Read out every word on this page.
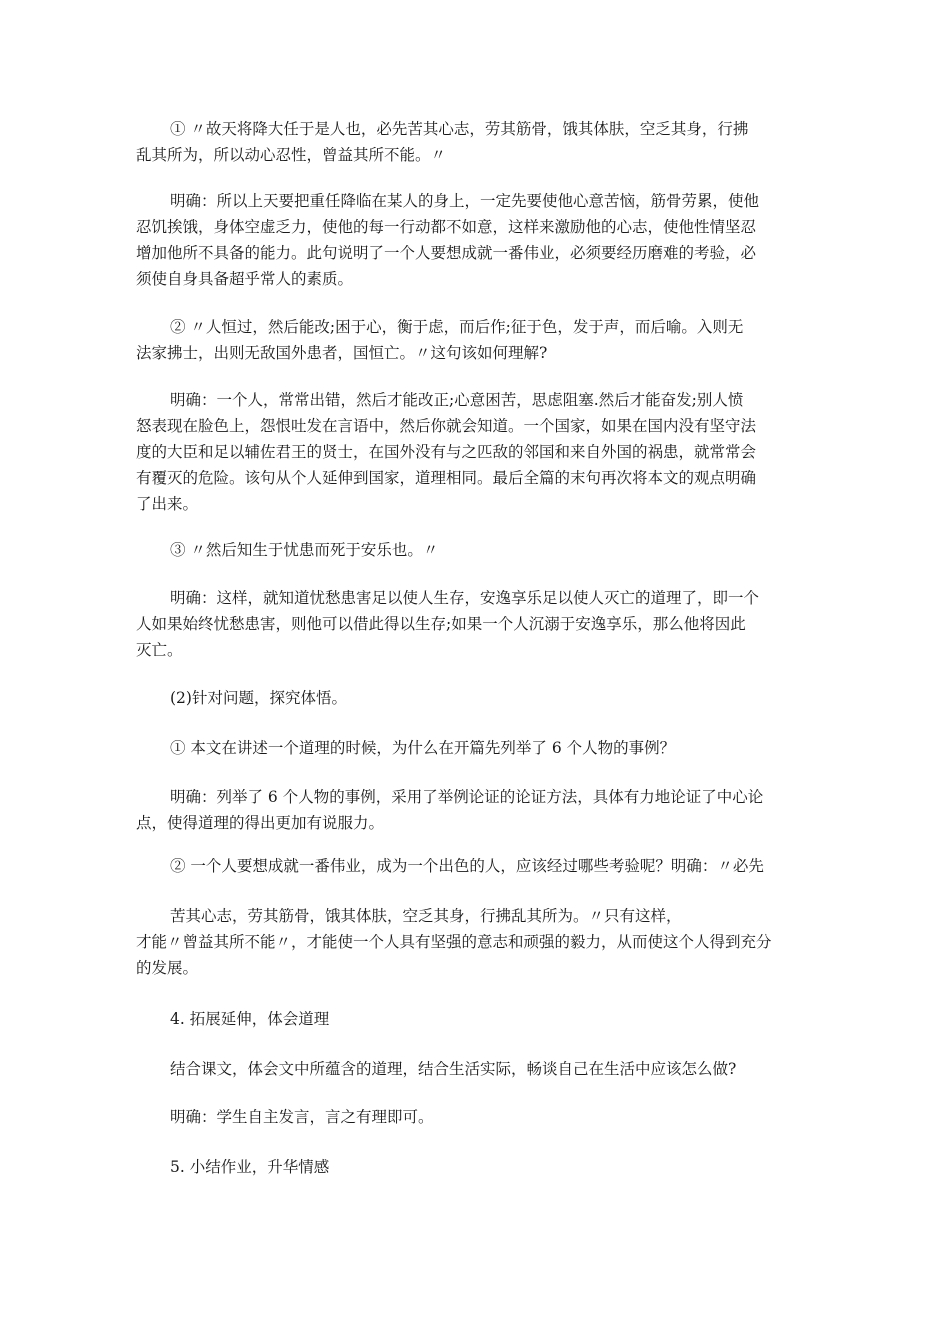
① 〃故天将降大任于是人也，必先苦其心志，劳其筋骨，饿其体肤，空乏其身，行拂
乱其所为，所以动心忍性，曾益其所不能。〃

明确：所以上天要把重任降临在某人的身上，一定先要使他心意苦恼，筋骨劳累，使他
忍饥挨饿，身体空虚乏力，使他的每一行动都不如意，这样来激励他的心志，使他性情坚忍
增加他所不具备的能力。此句说明了一个人要想成就一番伟业，必须要经历磨难的考验，必
须使自身具备超乎常人的素质。

② 〃人恒过，然后能改;困于心，衡于虑，而后作;征于色，发于声，而后喻。入则无
法家拂士，出则无敌国外患者，国恒亡。〃这句该如何理解?

明确：一个人，常常出错，然后才能改正;心意困苦，思虑阻塞.然后才能奋发;别人愤
怒表现在脸色上，怨恨吐发在言语中，然后你就会知道。一个国家，如果在国内没有坚守法
度的大臣和足以辅佐君王的贤士，在国外没有与之匹敌的邻国和来自外国的祸患，就常常会
有覆灭的危险。该句从个人延伸到国家，道理相同。最后全篇的末句再次将本文的观点明确
了出来。

③ 〃然后知生于忧患而死于安乐也。〃

明确：这样，就知道忧愁患害足以使人生存，安逸享乐足以使人灭亡的道理了，即一个
人如果始终忧愁患害，则他可以借此得以生存;如果一个人沉溺于安逸享乐，那么他将因此
灭亡。

(2)针对问题，探究体悟。

① 本文在讲述一个道理的时候，为什么在开篇先列举了 6 个人物的事例？

明确：列举了 6 个人物的事例，采用了举例论证的论证方法，具体有力地论证了中心论
点，使得道理的得出更加有说服力。

② 一个人要想成就一番伟业，成为一个出色的人，应该经过哪些考验呢？明确：〃必先

苦其心志，劳其筋骨，饿其体肤，空乏其身，行拂乱其所为。〃只有这样，
才能〃曾益其所不能〃，才能使一个人具有坚强的意志和顽强的毅力，从而使这个人得到充分
的发展。

4. 拓展延伸，体会道理

结合课文，体会文中所蕴含的道理，结合生活实际，畅谈自己在生活中应该怎么做?

明确：学生自主发言，言之有理即可。

5. 小结作业，升华情感
